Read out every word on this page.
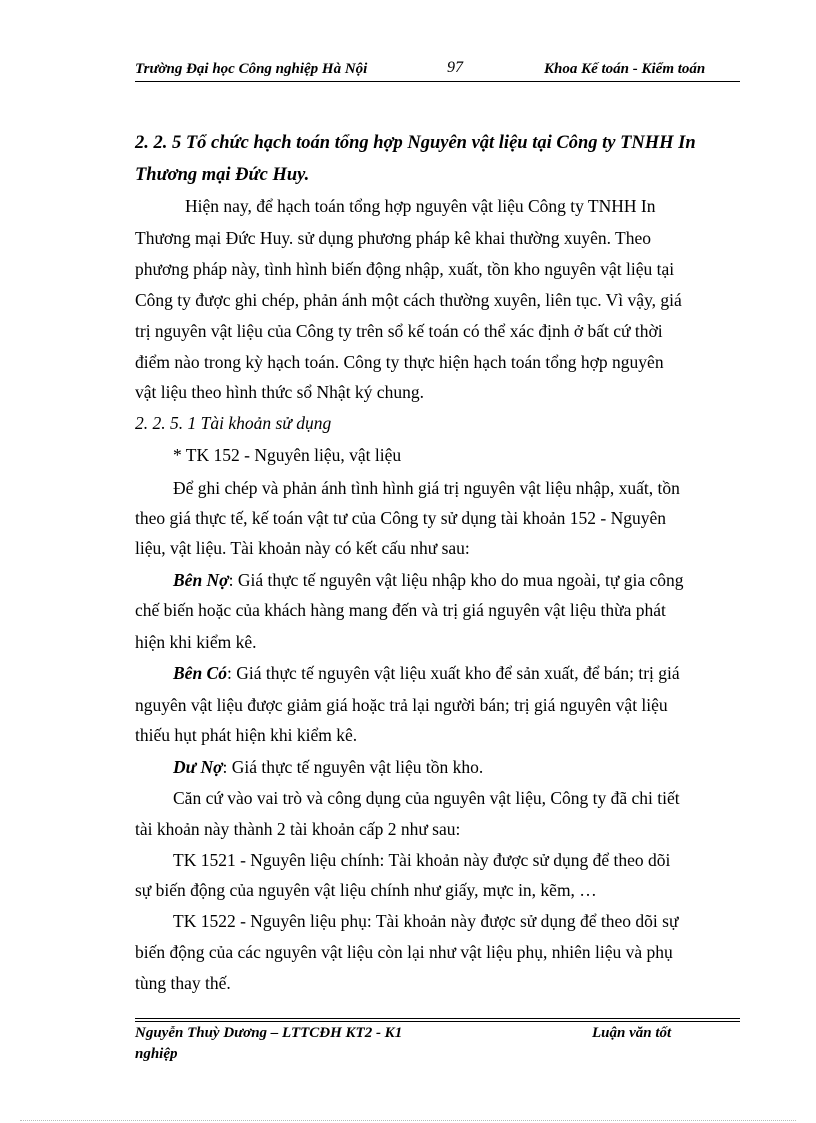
Trường Đại học Công nghiệp Hà Nội	97	Khoa Kế toán - Kiểm toán
2. 2. 5 Tổ chức hạch toán tổng hợp Nguyên vật liệu tại Công ty TNHH In
Thương mại Đức Huy.
Hiện nay, để hạch toán tổng hợp nguyên vật liệu Công ty TNHH In
Thương mại Đức Huy. sử dụng phương pháp kê khai thường xuyên. Theo
phương pháp này, tình hình biến động nhập, xuất, tồn kho nguyên vật liệu tại
Công ty được ghi chép, phản ánh một cách thường xuyên, liên tục. Vì vậy, giá
trị nguyên vật liệu của Công ty trên sổ kế toán có thể xác định ở bất cứ thời
điểm nào trong kỳ hạch toán. Công ty thực hiện hạch toán tổng hợp nguyên
vật liệu theo hình thức sổ Nhật ký chung.
2. 2. 5. 1 Tài khoản sử dụng
* TK 152 - Nguyên liệu, vật liệu
Để ghi chép và phản ánh tình hình giá trị nguyên vật liệu nhập, xuất, tồn
theo giá thực tế, kế toán vật tư của Công ty sử dụng tài khoản 152 - Nguyên
liệu, vật liệu. Tài khoản này có kết cấu như sau:
Bên Nợ: Giá thực tế nguyên vật liệu nhập kho do mua ngoài, tự gia công
chế biến hoặc của khách hàng mang đến và trị giá nguyên vật liệu thừa phát
hiện khi kiểm kê.
Bên Có: Giá thực tế nguyên vật liệu xuất kho để sản xuất, để bán; trị giá
nguyên vật liệu được giảm giá hoặc trả lại người bán; trị giá nguyên vật liệu
thiếu hụt phát hiện khi kiểm kê.
Dư Nợ: Giá thực tế nguyên vật liệu tồn kho.
Căn cứ vào vai trò và công dụng của nguyên vật liệu, Công ty đã chi tiết
tài khoản này thành 2 tài khoản cấp 2 như sau:
TK 1521 - Nguyên liệu chính: Tài khoản này được sử dụng để theo dõi
sự biến động của nguyên vật liệu chính như giấy, mực in, kẽm, …
TK 1522 - Nguyên liệu phụ: Tài khoản này được sử dụng để theo dõi sự
biến động của các nguyên vật liệu còn lại như vật liệu phụ, nhiên liệu và phụ
tùng thay thế.
Nguyễn Thuỳ Dương – LTTCĐH KT2 - K1	Luận văn tốt
nghiệp
